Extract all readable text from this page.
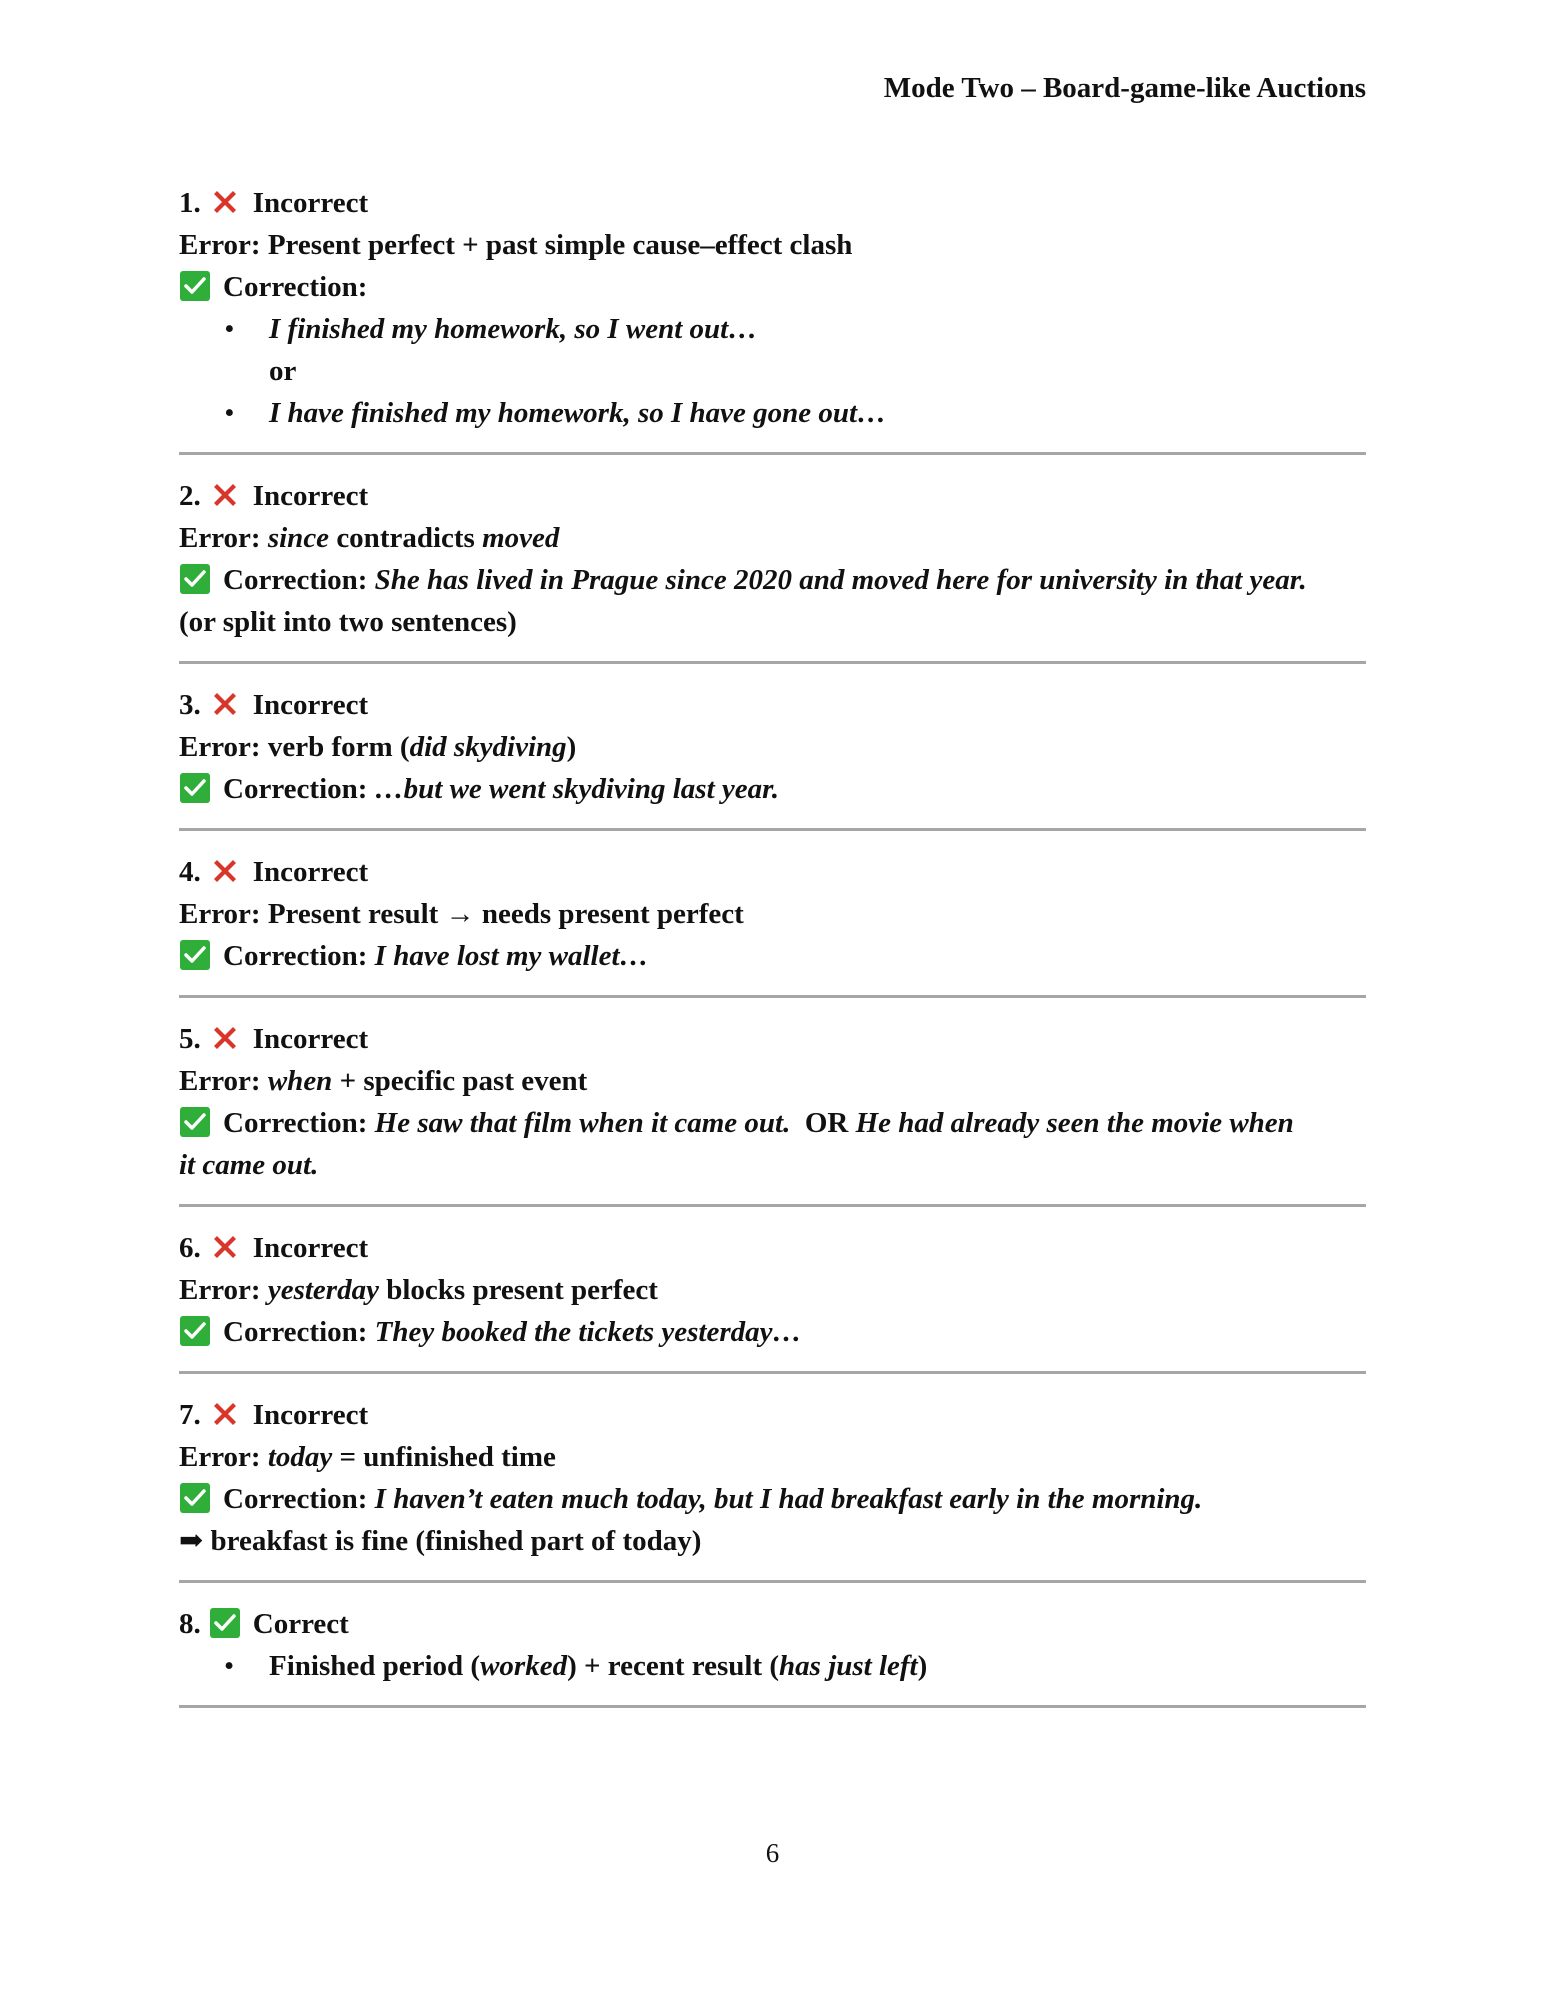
Mode Two – Board-game-like Auctions
1. Incorrect
Error: Present perfect + past simple cause–effect clash
Correction:
• I finished my homework, so I went out…
or
• I have finished my homework, so I have gone out…
2. Incorrect
Error: since contradicts moved
Correction: She has lived in Prague since 2020 and moved here for university in that year.
(or split into two sentences)
3. Incorrect
Error: verb form (did skydiving)
Correction: …but we went skydiving last year.
4. Incorrect
Error: Present result → needs present perfect
Correction: I have lost my wallet…
5. Incorrect
Error: when + specific past event
Correction: He saw that film when it came out. OR He had already seen the movie when
it came out.
6. Incorrect
Error: yesterday blocks present perfect
Correction: They booked the tickets yesterday…
7. Incorrect
Error: today = unfinished time
Correction: I haven’t eaten much today, but I had breakfast early in the morning.
➡ breakfast is fine (finished part of today)
8. Correct
• Finished period (worked) + recent result (has just left)
6
